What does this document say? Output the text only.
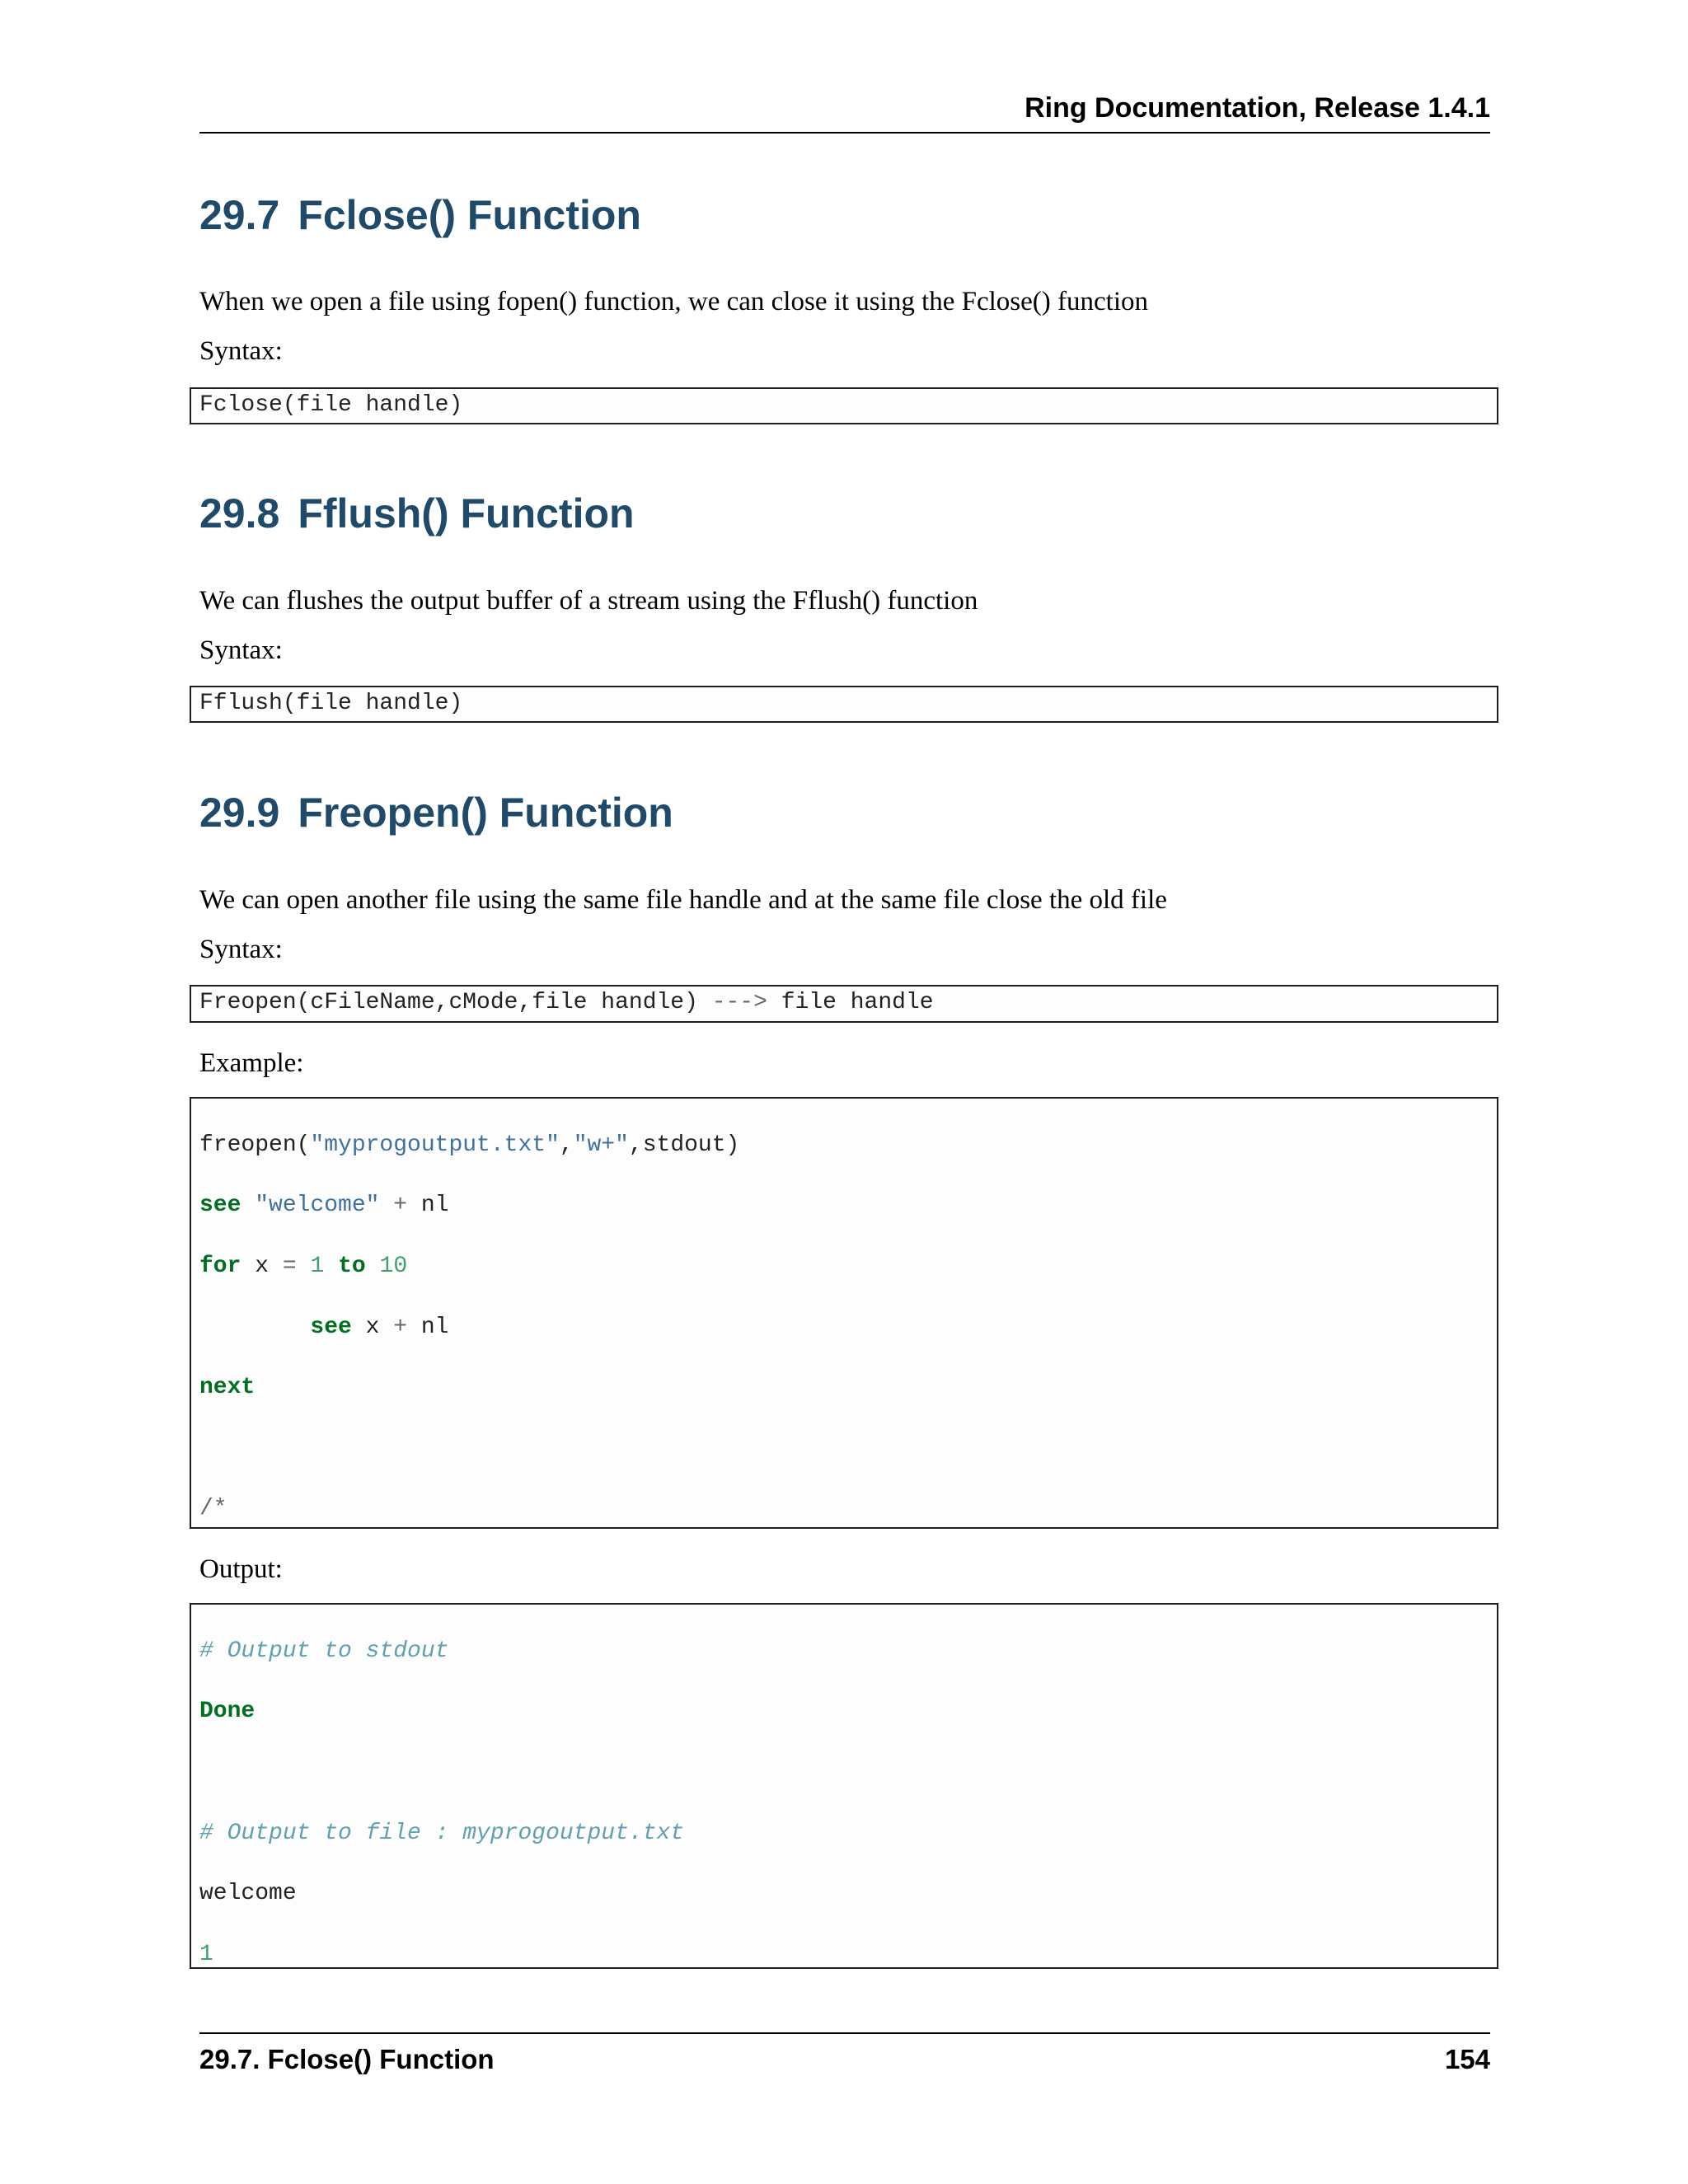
Ring Documentation, Release 1.4.1
29.7 Fclose() Function

When we open a file using fopen() function, we can close it using the Fclose() function

Syntax:

Fclose(file handle)
29.8 Fflush() Function

We can flushes the output buffer of a stream using the Fflush() function

Syntax:

Fflush(file handle)
29.9 Freopen() Function

We can open another file using the same file handle and at the same file close the old file

Syntax:

Freopen(cFileName,cMode,file handle) ---> file handle

Example:

freopen("myprogoutput.txt","w+",stdout)

see "welcome" + nl

for x = 1 to 10

see x + nl

next

/*

Output:

# Output to stdout

Done

# Output to file : myprogoutput.txt

welcome

1

29.7. Fclose() Function	154
